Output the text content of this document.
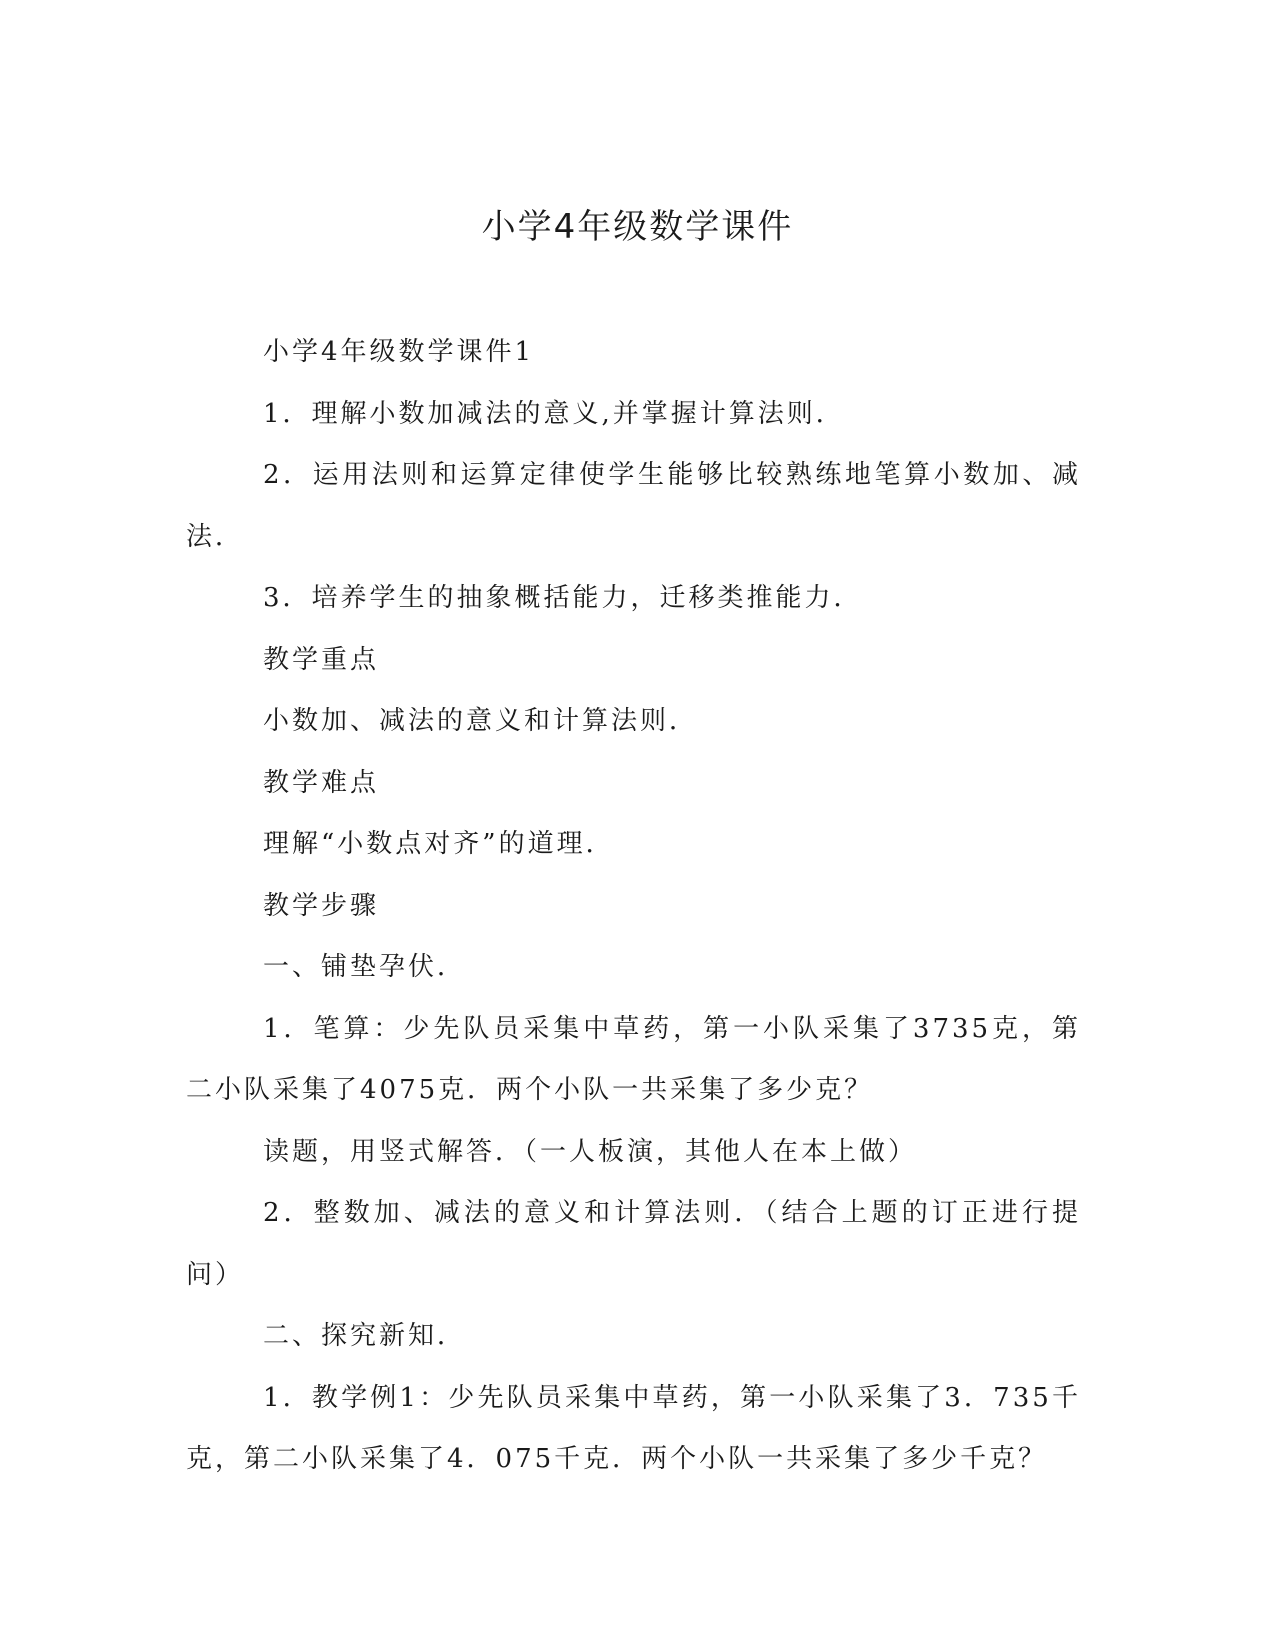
小学4年级数学课件

小学4年级数学课件1

1．理解小数加减法的意义,并掌握计算法则．

2．运用法则和运算定律使学生能够比较熟练地笔算小数加、减法．

3．培养学生的抽象概括能力，迁移类推能力．

教学重点

小数加、减法的意义和计算法则．

教学难点

理解“小数点对齐”的道理．

教学步骤

一、铺垫孕伏．

1．笔算：少先队员采集中草药，第一小队采集了3735克，第二小队采集了4075克．两个小队一共采集了多少克？

读题，用竖式解答．（一人板演，其他人在本上做）

2．整数加、减法的意义和计算法则．（结合上题的订正进行提问）

二、探究新知．

1．教学例1：少先队员采集中草药，第一小队采集了3．735千克，第二小队采集了4．075千克．两个小队一共采集了多少千克？
